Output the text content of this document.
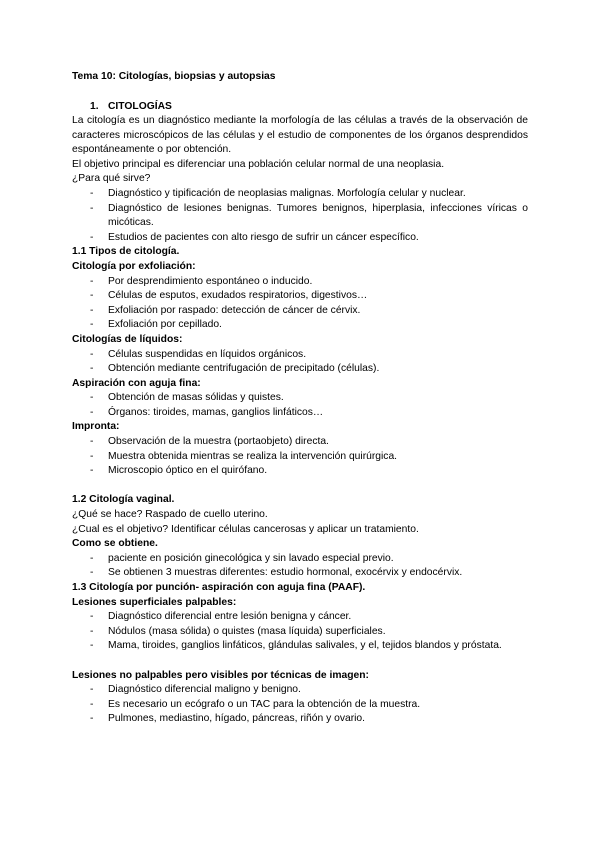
Tema 10: Citologías, biopsias y autopsias

1. CITOLOGÍAS

La citología es un diagnóstico mediante la morfología de las células a través de la observación de caracteres microscópicos de las células y el estudio de componentes de los órganos desprendidos espontáneamente o por obtención.

El objetivo principal es diferenciar una población celular normal de una neoplasia.

¿Para qué sirve?

- Diagnóstico y tipificación de neoplasias malignas. Morfología celular y nuclear.
- Diagnóstico de lesiones benignas. Tumores benignos, hiperplasia, infecciones víricas o micóticas.
- Estudios de pacientes con alto riesgo de sufrir un cáncer específico.

1.1 Tipos de citología.

Citología por exfoliación:

- Por desprendimiento espontáneo o inducido.
- Células de esputos, exudados respiratorios, digestivos…
- Exfoliación por raspado: detección de cáncer de cérvix.
- Exfoliación por cepillado.

Citologías de líquidos:

- Células suspendidas en líquidos orgánicos.
- Obtención mediante centrifugación de precipitado (células).

Aspiración con aguja fina:

- Obtención de masas sólidas y quistes.
- Órganos: tiroides, mamas, ganglios linfáticos…

Impronta:

- Observación de la muestra (portaobjeto) directa.
- Muestra obtenida mientras se realiza la intervención quirúrgica.
- Microscopio óptico en el quirófano.

1.2 Citología vaginal.

¿Qué se hace? Raspado de cuello uterino.

¿Cual es el objetivo? Identificar células cancerosas y aplicar un tratamiento.

Como se obtiene.

- paciente en posición ginecológica y sin lavado especial previo.
- Se obtienen 3 muestras diferentes: estudio hormonal, exocérvix y endocérvix.

1.3 Citología por punción- aspiración con aguja fina (PAAF).

Lesiones superficiales palpables:

- Diagnóstico diferencial entre lesión benigna y cáncer.
- Nódulos (masa sólida) o quistes (masa líquida) superficiales.
- Mama, tiroides, ganglios linfáticos, glándulas salivales, y el, tejidos blandos y próstata.

Lesiones no palpables pero visibles por técnicas de imagen:

- Diagnóstico diferencial maligno y benigno.
- Es necesario un ecógrafo o un TAC para la obtención de la muestra.
- Pulmones, mediastino, hígado, páncreas, riñón y ovario.
